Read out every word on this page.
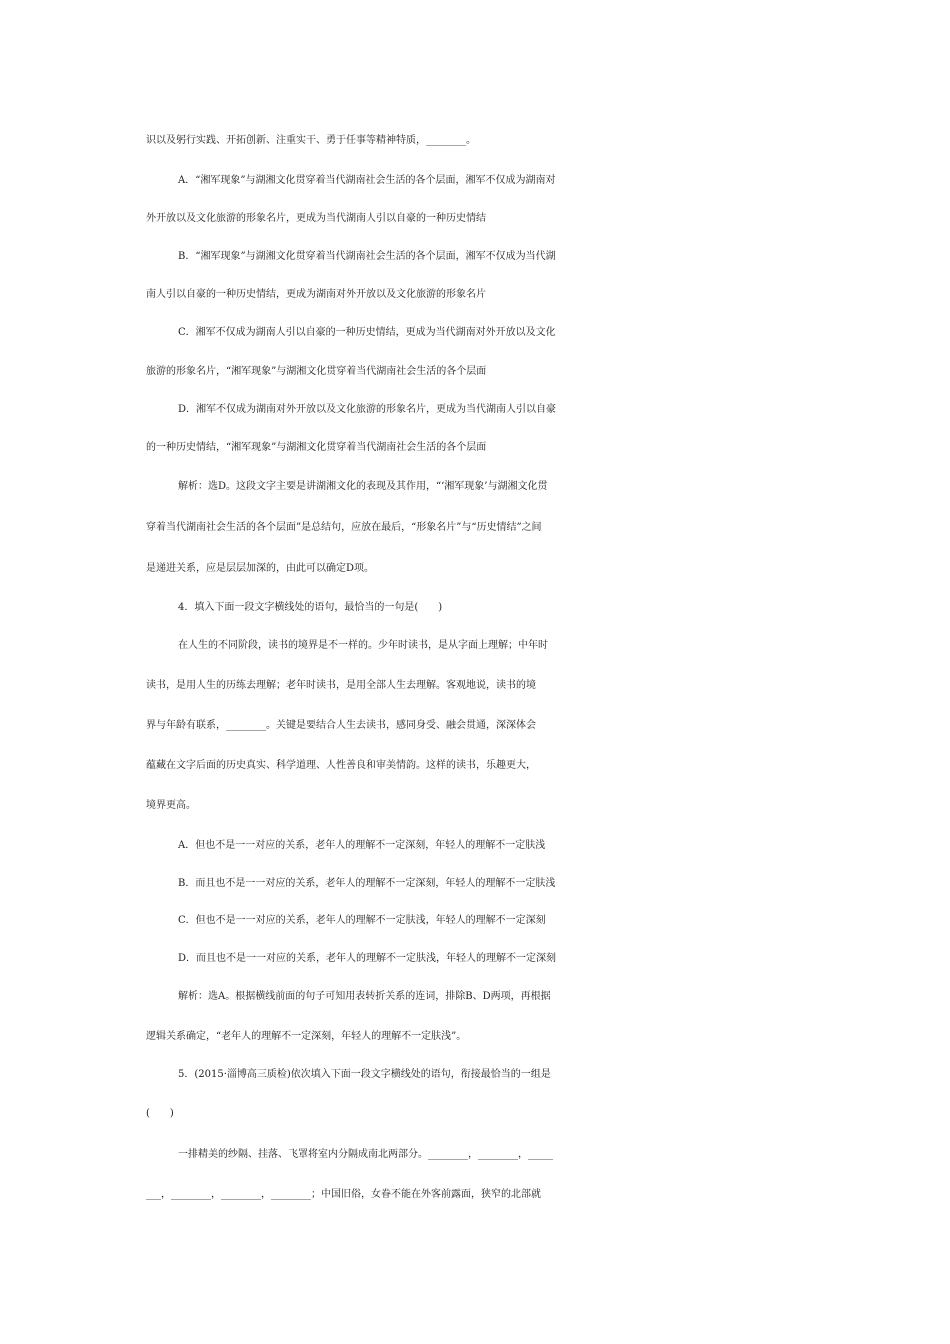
识以及躬行实践、开拓创新、注重实干、勇于任事等精神特质，________。
A．“湘军现象”与湖湘文化贯穿着当代湖南社会生活的各个层面，湘军不仅成为湖南对
外开放以及文化旅游的形象名片，更成为当代湖南人引以自豪的一种历史情结
B．“湘军现象”与湖湘文化贯穿着当代湖南社会生活的各个层面，湘军不仅成为当代湖
南人引以自豪的一种历史情结，更成为湖南对外开放以及文化旅游的形象名片
C．湘军不仅成为湖南人引以自豪的一种历史情结，更成为当代湖南对外开放以及文化
旅游的形象名片，“湘军现象”与湖湘文化贯穿着当代湖南社会生活的各个层面
D．湘军不仅成为湖南对外开放以及文化旅游的形象名片，更成为当代湖南人引以自豪
的一种历史情结，“湘军现象”与湖湘文化贯穿着当代湖南社会生活的各个层面
解析：选D。这段文字主要是讲湖湘文化的表现及其作用，“‘湘军现象’与湖湘文化贯
穿着当代湖南社会生活的各个层面”是总结句，应放在最后，“形象名片”与“历史情结”之间
是递进关系，应是层层加深的，由此可以确定D项。
4．填入下面一段文字横线处的语句，最恰当的一句是(　　)
在人生的不同阶段，读书的境界是不一样的。少年时读书，是从字面上理解；中年时
读书，是用人生的历练去理解；老年时读书，是用全部人生去理解。客观地说，读书的境
界与年龄有联系，________。关键是要结合人生去读书，感同身受、融会贯通，深深体会
蕴藏在文字后面的历史真实、科学道理、人性善良和审美情韵。这样的读书，乐趣更大，
境界更高。
A．但也不是一一对应的关系，老年人的理解不一定深刻，年轻人的理解不一定肤浅
B．而且也不是一一对应的关系，老年人的理解不一定深刻，年轻人的理解不一定肤浅
C．但也不是一一对应的关系，老年人的理解不一定肤浅，年轻人的理解不一定深刻
D．而且也不是一一对应的关系，老年人的理解不一定肤浅，年轻人的理解不一定深刻
解析：选A。根据横线前面的句子可知用表转折关系的连词，排除B、D两项，再根据
逻辑关系确定，“老年人的理解不一定深刻，年轻人的理解不一定肤浅”。
5．(2015·淄博高三质检)依次填入下面一段文字横线处的语句，衔接最恰当的一组是
(　　)
一排精美的纱隔、挂落、飞罩将室内分隔成南北两部分。________，________，_____
___，________，________，________；中国旧俗，女眷不能在外客前露面，狭窄的北部就
